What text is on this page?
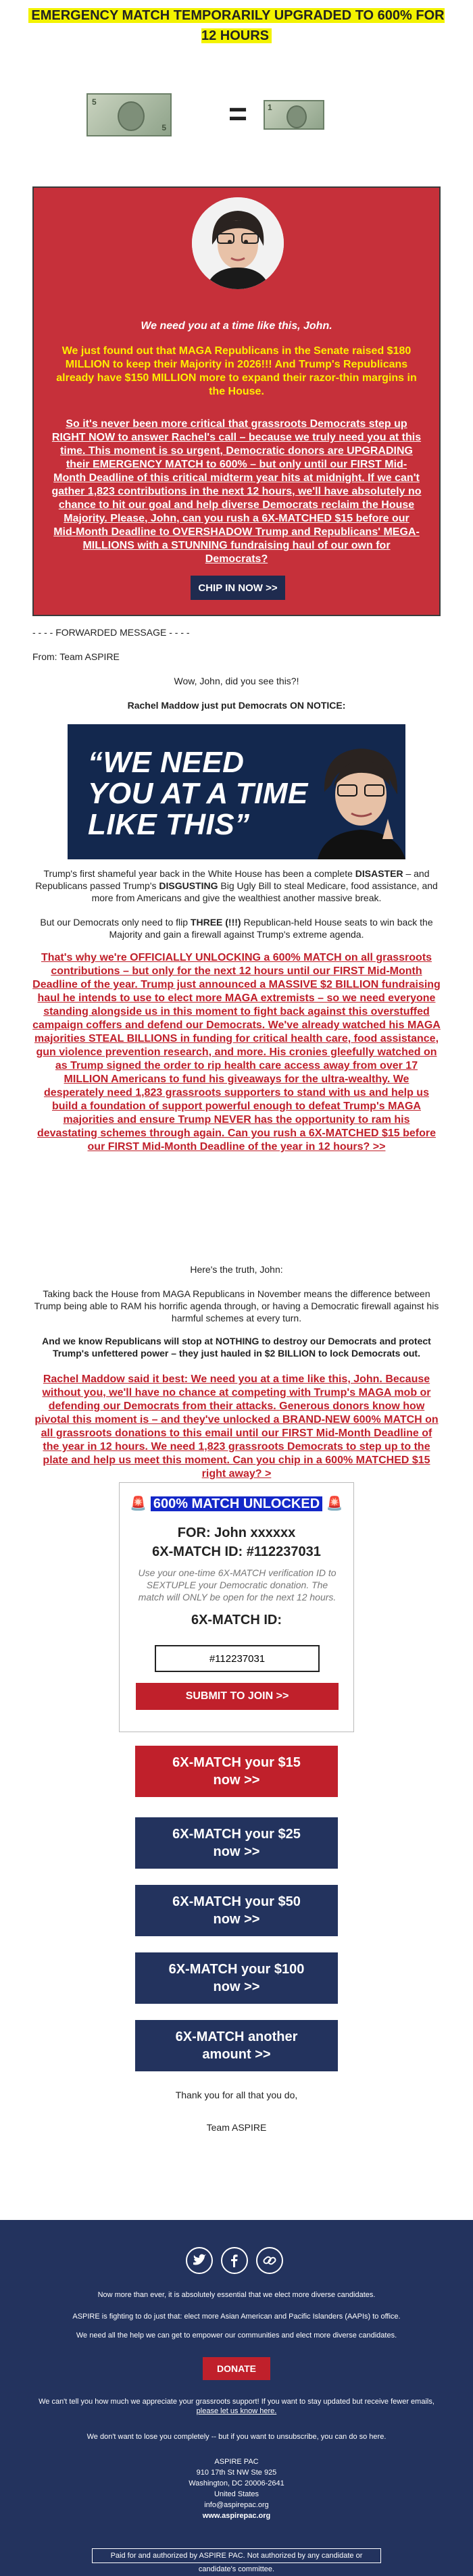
EMERGENCY MATCH TEMPORARILY UPGRADED TO 600% FOR 12 HOURS
5
5 = 1
We need you at a time like this, John.
We just found out that MAGA Republicans in the Senate raised $180 MILLION to keep their Majority in 2026!!! And Trump's Republicans already have $150 MILLION more to expand their razor-thin margins in the House.
So it's never been more critical that grassroots Democrats step up RIGHT NOW to answer Rachel's call – because we truly need you at this time. This moment is so urgent, Democratic donors are UPGRADING their EMERGENCY MATCH to 600% – but only until our FIRST Mid-Month Deadline of this critical midterm year hits at midnight. If we can't gather 1,823 contributions in the next 12 hours, we'll have absolutely no chance to hit our goal and help diverse Democrats reclaim the House Majority. Please, John, can you rush a 6X-MATCHED $15 before our Mid-Month Deadline to OVERSHADOW Trump and Republicans' MEGA-MILLIONS with a STUNNING fundraising haul of our own for Democrats?
CHIP IN NOW >>
- - - - FORWARDED MESSAGE - - - -
From: Team ASPIRE
Wow, John, did you see this?!
Rachel Maddow just put Democrats ON NOTICE:
“WE NEED YOU AT A TIME LIKE THIS”
Trump's first shameful year back in the White House has been a complete DISASTER – and Republicans passed Trump's DISGUSTING Big Ugly Bill to steal Medicare, food assistance, and more from Americans and give the wealthiest another massive break.
But our Democrats only need to flip THREE (!!!) Republican-held House seats to win back the Majority and gain a firewall against Trump's extreme agenda.
That's why we're OFFICIALLY UNLOCKING a 600% MATCH on all grassroots contributions – but only for the next 12 hours until our FIRST Mid-Month Deadline of the year. Trump just announced a MASSIVE $2 BILLION fundraising haul he intends to use to elect more MAGA extremists – so we need everyone standing alongside us in this moment to fight back against this overstuffed campaign coffers and defend our Democrats. We've already watched his MAGA majorities STEAL BILLIONS in funding for critical health care, food assistance, gun violence prevention research, and more. His cronies gleefully watched on as Trump signed the order to rip health care access away from over 17 MILLION Americans to fund his giveaways for the ultra-wealthy. We desperately need 1,823 grassroots supporters to stand with us and help us build a foundation of support powerful enough to defeat Trump's MAGA majorities and ensure Trump NEVER has the opportunity to ram his devastating schemes through again. Can you rush a 6X-MATCHED $15 before our FIRST Mid-Month Deadline of the year in 12 hours? >>
Here's the truth, John:
Taking back the House from MAGA Republicans in November means the difference between Trump being able to RAM his horrific agenda through, or having a Democratic firewall against his harmful schemes at every turn.
And we know Republicans will stop at NOTHING to destroy our Democrats and protect Trump's unfettered power – they just hauled in $2 BILLION to lock Democrats out.
Rachel Maddow said it best: We need you at a time like this, John. Because without you, we'll have no chance at competing with Trump's MAGA mob or defending our Democrats from their attacks. Generous donors know how pivotal this moment is – and they've unlocked a BRAND-NEW 600% MATCH on all grassroots donations to this email until our FIRST Mid-Month Deadline of the year in 12 hours. We need 1,823 grassroots Democrats to step up to the plate and help us meet this moment. Can you chip in a 600% MATCHED $15 right away? >
🚨 600% MATCH UNLOCKED 🚨
FOR: John xxxxxx
6X-MATCH ID: #112237031
Use your one-time 6X-MATCH verification ID to SEXTUPLE your Democratic donation. The match will ONLY be open for the next 12 hours.
6X-MATCH ID:
#112237031
SUBMIT TO JOIN >>
6X-MATCH your $15
now >>
6X-MATCH your $25
now >>
6X-MATCH your $50
now >>
6X-MATCH your $100
now >>
6X-MATCH another
amount >>
Thank you for all that you do,
Team ASPIRE
Now more than ever, it is absolutely essential that we elect more diverse candidates.
ASPIRE is fighting to do just that: elect more Asian American and Pacific Islanders (AAPIs) to office.
We need all the help we can get to empower our communities and elect more diverse candidates.
DONATE
We can't tell you how much we appreciate your grassroots support! If you want to stay updated but receive fewer emails,
please let us know here.
We don't want to lose you completely -- but if you want to unsubscribe, you can do so here.
ASPIRE PAC
910 17th St NW Ste 925
Washington, DC 20006-2641
United States
info@aspirepac.org
www.aspirepac.org
Paid for and authorized by ASPIRE PAC. Not authorized by any candidate or candidate's committee.
